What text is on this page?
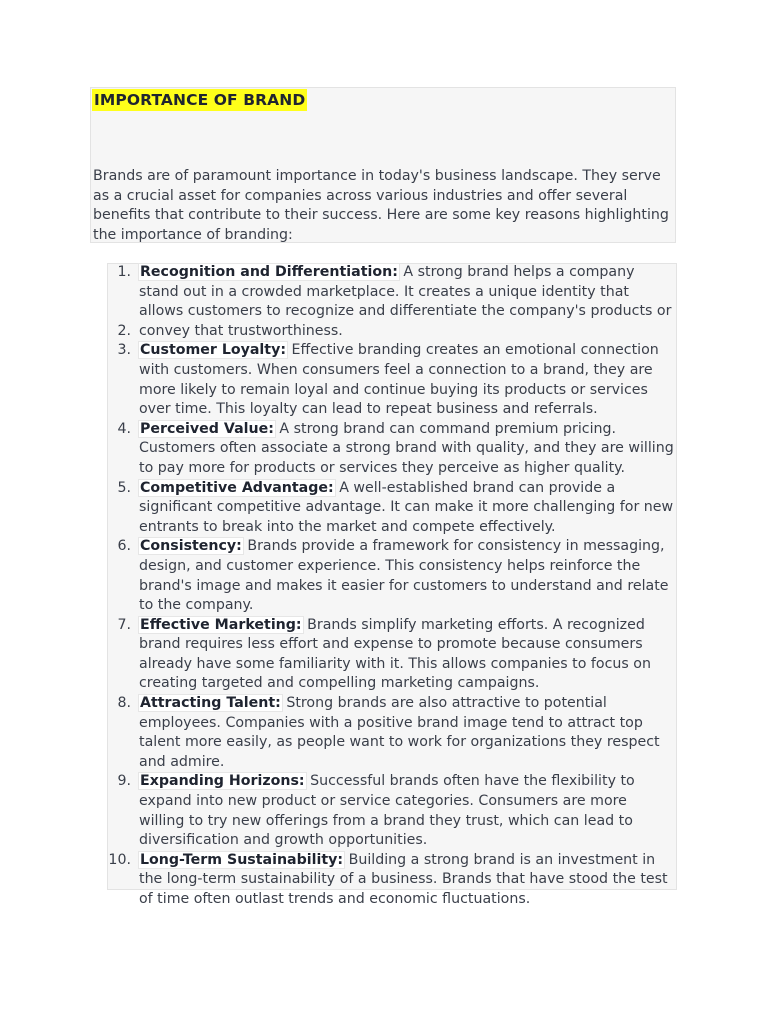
IMPORTANCE OF BRAND

Brands are of paramount importance in today's business landscape. They serve as a crucial asset for companies across various industries and offer several benefits that contribute to their success. Here are some key reasons highlighting the importance of branding:

1. Recognition and Differentiation: A strong brand helps a company stand out in a crowded marketplace. It creates a unique identity that allows customers to recognize and differentiate the company's products or
2. convey that trustworthiness.
3. Customer Loyalty: Effective branding creates an emotional connection with customers. When consumers feel a connection to a brand, they are more likely to remain loyal and continue buying its products or services over time. This loyalty can lead to repeat business and referrals.
4. Perceived Value: A strong brand can command premium pricing. Customers often associate a strong brand with quality, and they are willing to pay more for products or services they perceive as higher quality.
5. Competitive Advantage: A well-established brand can provide a significant competitive advantage. It can make it more challenging for new entrants to break into the market and compete effectively.
6. Consistency: Brands provide a framework for consistency in messaging, design, and customer experience. This consistency helps reinforce the brand's image and makes it easier for customers to understand and relate to the company.
7. Effective Marketing: Brands simplify marketing efforts. A recognized brand requires less effort and expense to promote because consumers already have some familiarity with it. This allows companies to focus on creating targeted and compelling marketing campaigns.
8. Attracting Talent: Strong brands are also attractive to potential employees. Companies with a positive brand image tend to attract top talent more easily, as people want to work for organizations they respect and admire.
9. Expanding Horizons: Successful brands often have the flexibility to expand into new product or service categories. Consumers are more willing to try new offerings from a brand they trust, which can lead to diversification and growth opportunities.
10. Long-Term Sustainability: Building a strong brand is an investment in the long-term sustainability of a business. Brands that have stood the test of time often outlast trends and economic fluctuations.
